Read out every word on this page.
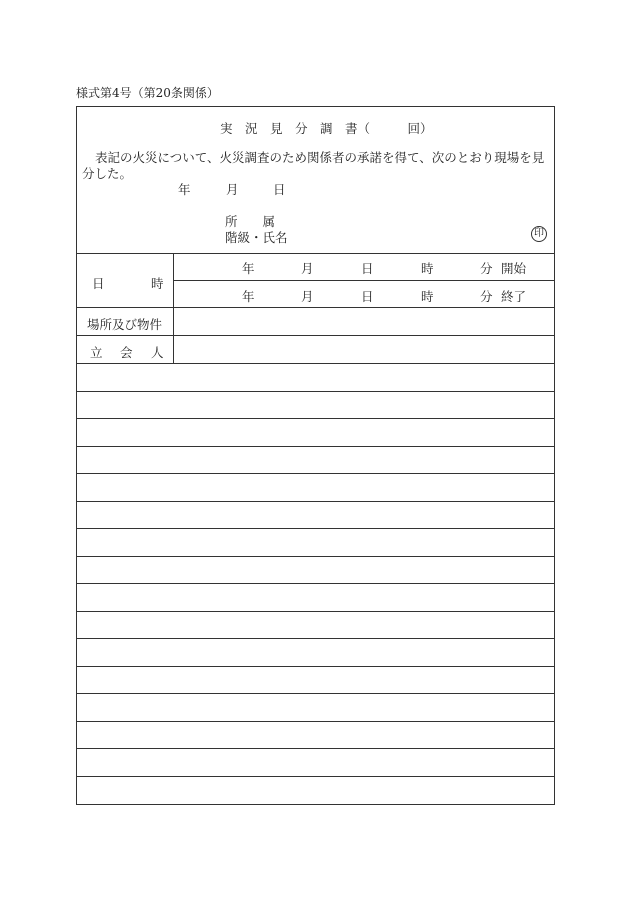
様式第4号（第20条関係）
実　況　見　分　調　書（　　　回）
表記の火災について、火災調査のため関係者の承諾を得て、次のとおり現場を見分した。
年	月	日
所　　属
階級・氏名	印
日	時
年	月	日	時	分 開始
年	月	日	時	分 終了
場所及び物件
立 会 人
